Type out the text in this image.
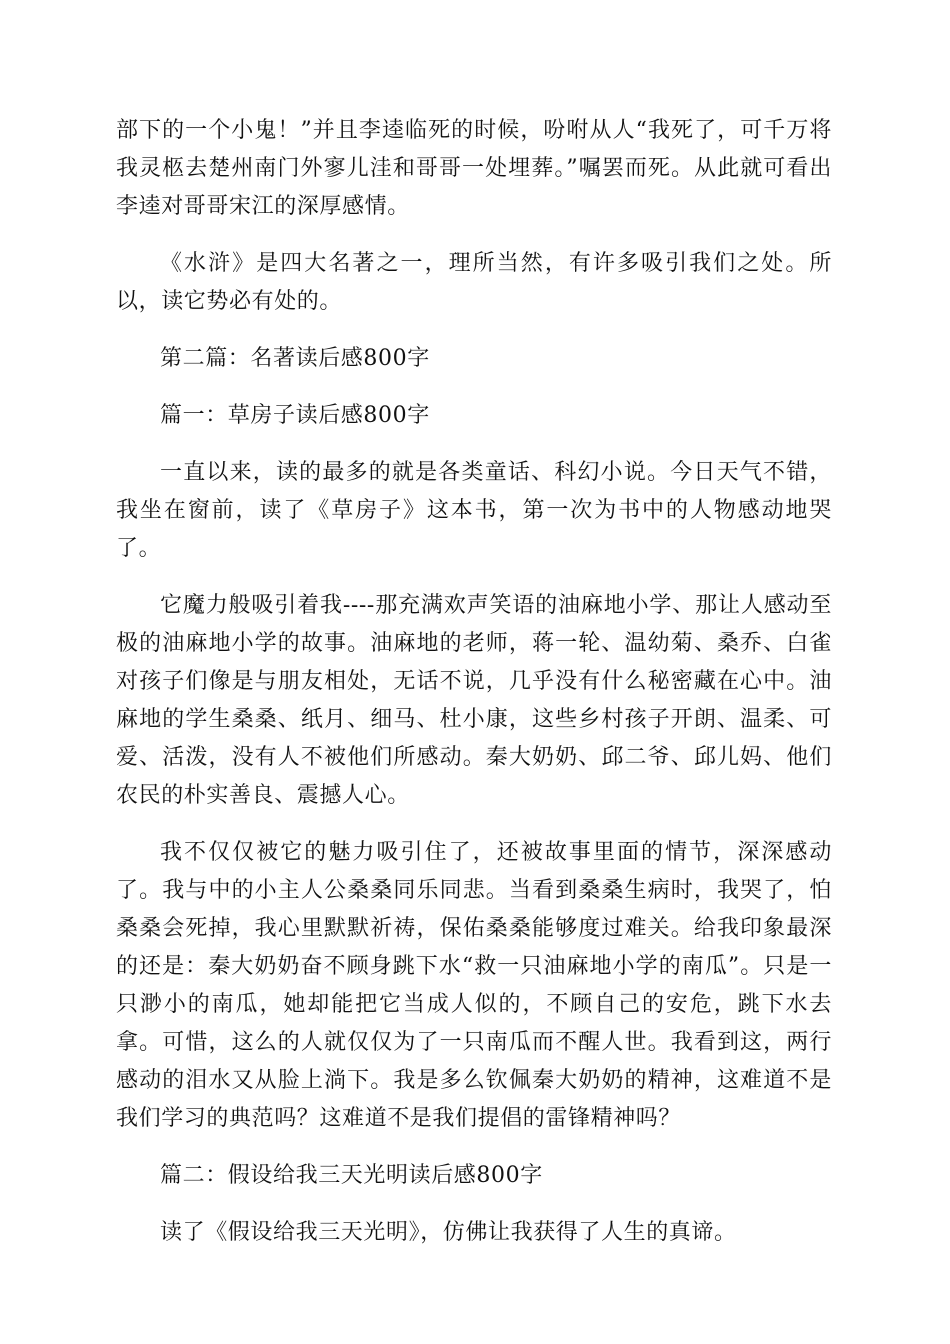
部下的一个小鬼！”并且李逵临死的时候，吩咐从人“我死了，可千万将我灵柩去楚州南门外寥儿洼和哥哥一处埋葬。”嘱罢而死。从此就可看出李逵对哥哥宋江的深厚感情。

《水浒》是四大名著之一，理所当然，有许多吸引我们之处。所以，读它势必有处的。

第二篇：名著读后感800字

篇一：草房子读后感800字

一直以来，读的最多的就是各类童话、科幻小说。今日天气不错，我坐在窗前，读了《草房子》这本书，第一次为书中的人物感动地哭了。

它魔力般吸引着我----那充满欢声笑语的油麻地小学、那让人感动至极的油麻地小学的故事。油麻地的老师，蒋一轮、温幼菊、桑乔、白雀对孩子们像是与朋友相处，无话不说，几乎没有什么秘密藏在心中。油麻地的学生桑桑、纸月、细马、杜小康，这些乡村孩子开朗、温柔、可爱、活泼，没有人不被他们所感动。秦大奶奶、邱二爷、邱儿妈、他们农民的朴实善良、震撼人心。

我不仅仅被它的魅力吸引住了，还被故事里面的情节，深深感动了。我与中的小主人公桑桑同乐同悲。当看到桑桑生病时，我哭了，怕桑桑会死掉，我心里默默祈祷，保佑桑桑能够度过难关。给我印象最深的还是：秦大奶奶奋不顾身跳下水“救一只油麻地小学的南瓜”。只是一只渺小的南瓜，她却能把它当成人似的，不顾自己的安危，跳下水去拿。可惜，这么的人就仅仅为了一只南瓜而不醒人世。我看到这，两行感动的泪水又从脸上淌下。我是多么钦佩秦大奶奶的精神，这难道不是我们学习的典范吗？这难道不是我们提倡的雷锋精神吗？

篇二：假设给我三天光明读后感800字

读了《假设给我三天光明》，仿佛让我获得了人生的真谛。
